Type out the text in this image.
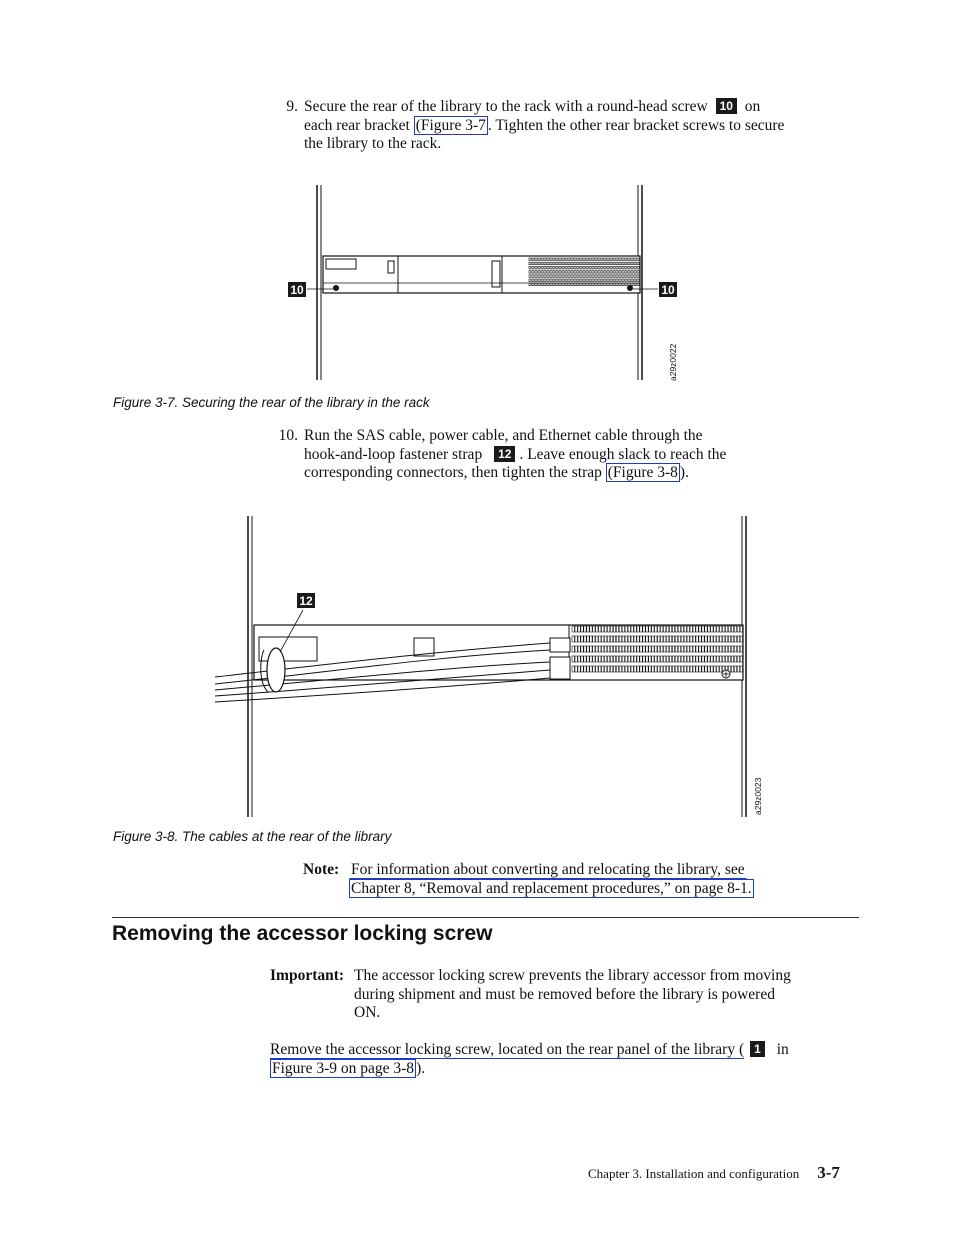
9. Secure the rear of the library to the rack with a round-head screw 10 on
each rear bracket (Figure 3-7 . Tighten the other rear bracket screws to secure
the library to the rack.
10	10
a29z0022
Figure 3-7. Securing the rear of the library in the rack
10. Run the SAS cable, power cable, and Ethernet cable through the
hook-and-loop fastener strap 12 . Leave enough slack to reach the
corresponding connectors, then tighten the strap (Figure 3-8 ).
12
a29z0023
Figure 3-8. The cables at the rear of the library
Note: For information about converting and relocating the library, see
Chapter 8, “Removal and replacement procedures,” on page 8-1.
Removing the accessor locking screw
Important: The accessor locking screw prevents the library accessor from moving
during shipment and must be removed before the library is powered
ON.
Remove the accessor locking screw, located on the rear panel of the library ( 1 in
Figure 3-9 on page 3-8 ).
Chapter 3. Installation and configuration 3-7
